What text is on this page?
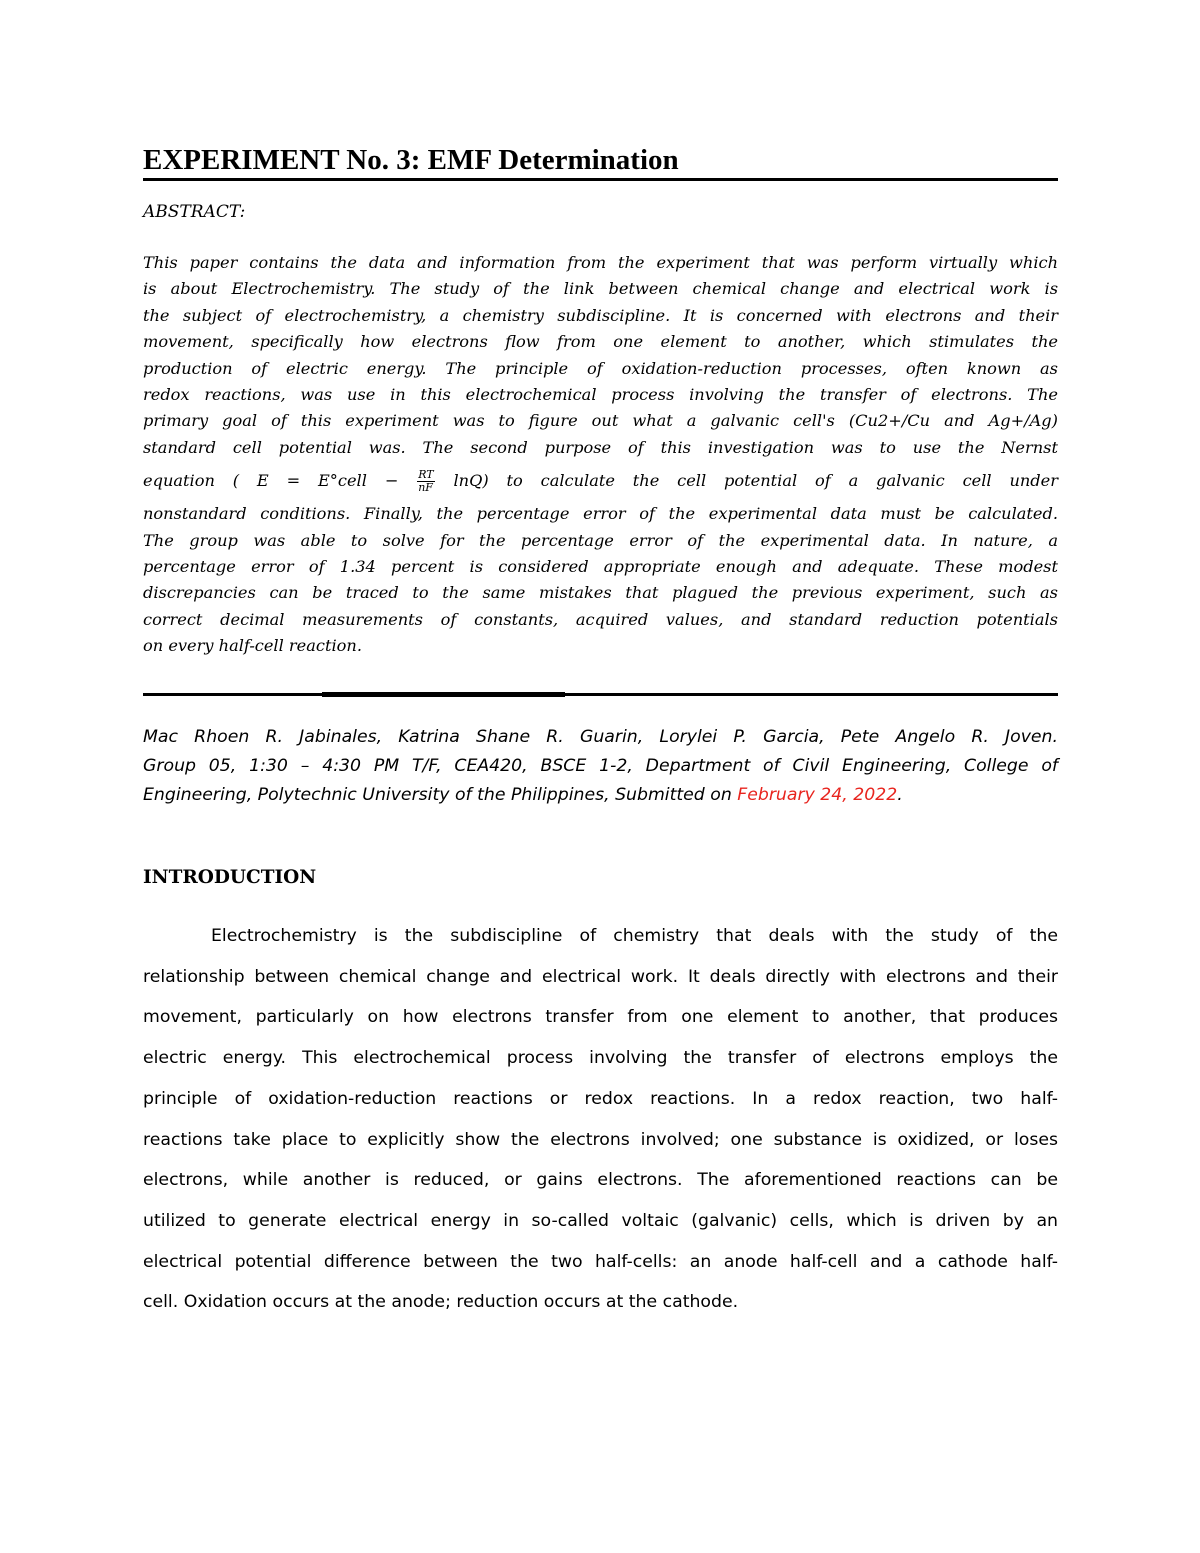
EXPERIMENT No. 3: EMF Determination

ABSTRACT:

This paper contains the data and information from the experiment that was perform virtually which
is about Electrochemistry. The study of the link between chemical change and electrical work is
the subject of electrochemistry, a chemistry subdiscipline. It is concerned with electrons and their
movement, specifically how electrons flow from one element to another, which stimulates the
production of electric energy. The principle of oxidation-reduction processes, often known as
redox reactions, was use in this electrochemical process involving the transfer of electrons. The
primary goal of this experiment was to figure out what a galvanic cell's (Cu2+/Cu and Ag+/Ag)
standard cell potential was. The second purpose of this investigation was to use the Nernst
equation ( E = E°cell − $\frac{RT}{nF} \ln Q$) to calculate the cell potential of a galvanic cell under
nonstandard conditions. Finally, the percentage error of the experimental data must be calculated.
The group was able to solve for the percentage error of the experimental data. In nature, a
percentage error of 1.34 percent is considered appropriate enough and adequate. These modest
discrepancies can be traced to the same mistakes that plagued the previous experiment, such as
correct decimal measurements of constants, acquired values, and standard reduction potentials
on every half-cell reaction.

Mac Rhoen R. Jabinales, Katrina Shane R. Guarin, Lorylei P. Garcia, Pete Angelo R. Joven.
Group 05, 1:30 – 4:30 PM T/F, CEA420, BSCE 1-2, Department of Civil Engineering, College of
Engineering, Polytechnic University of the Philippines, Submitted on February 24, 2022.

INTRODUCTION

Electrochemistry is the subdiscipline of chemistry that deals with the study of the
relationship between chemical change and electrical work. It deals directly with electrons and their
movement, particularly on how electrons transfer from one element to another, that produces
electric energy. This electrochemical process involving the transfer of electrons employs the
principle of oxidation-reduction reactions or redox reactions. In a redox reaction, two half-
reactions take place to explicitly show the electrons involved; one substance is oxidized, or loses
electrons, while another is reduced, or gains electrons. The aforementioned reactions can be
utilized to generate electrical energy in so-called voltaic (galvanic) cells, which is driven by an
electrical potential difference between the two half-cells: an anode half-cell and a cathode half-
cell. Oxidation occurs at the anode; reduction occurs at the cathode.
